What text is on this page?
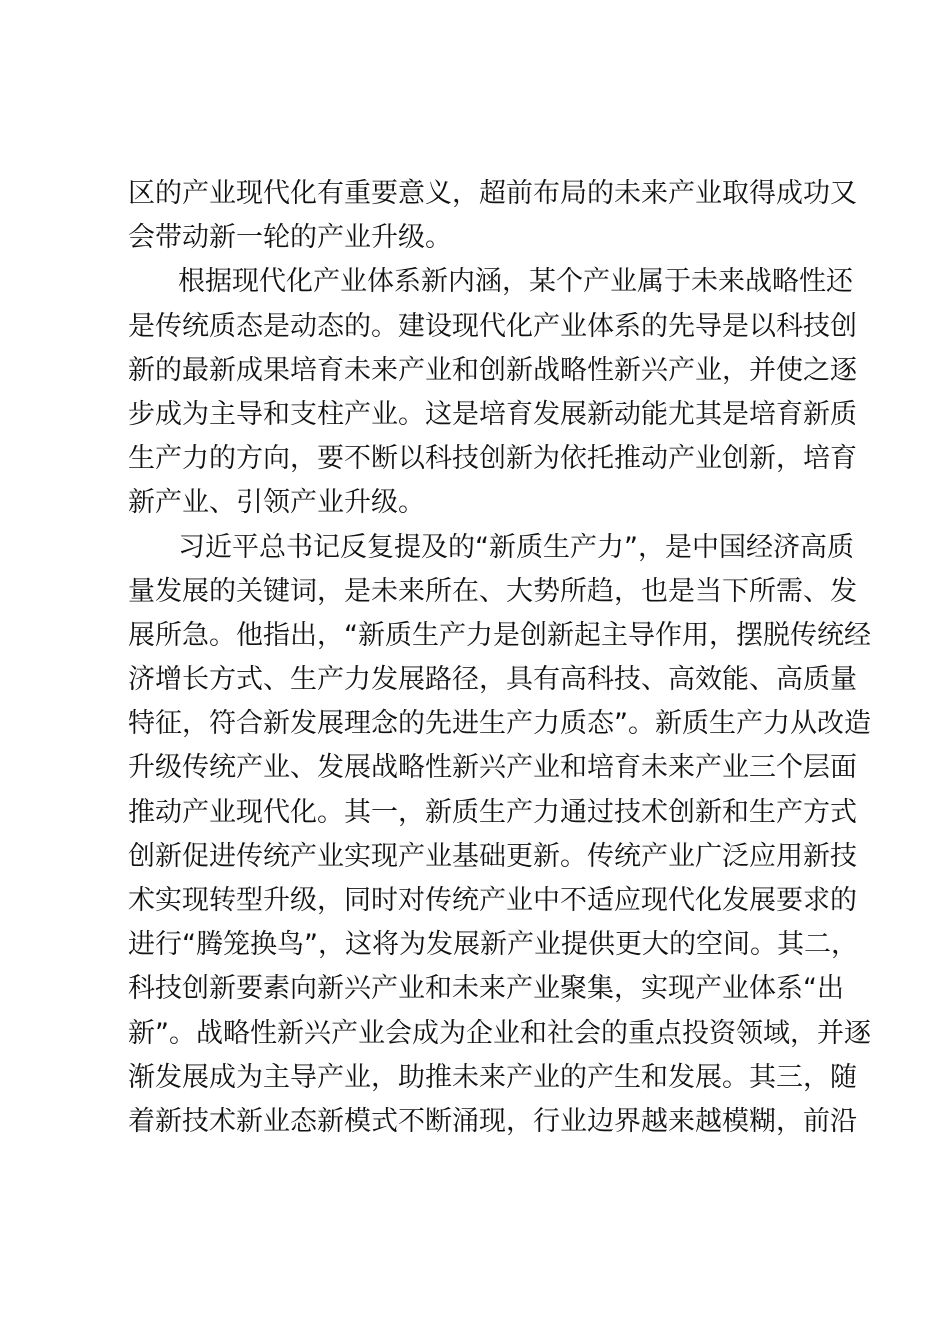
区的产业现代化有重要意义，超前布局的未来产业取得成功又
会带动新一轮的产业升级。
根据现代化产业体系新内涵，某个产业属于未来战略性还
是传统质态是动态的。建设现代化产业体系的先导是以科技创
新的最新成果培育未来产业和创新战略性新兴产业，并使之逐
步成为主导和支柱产业。这是培育发展新动能尤其是培育新质
生产力的方向，要不断以科技创新为依托推动产业创新，培育
新产业、引领产业升级。
习近平总书记反复提及的“新质生产力”，是中国经济高质
量发展的关键词，是未来所在、大势所趋，也是当下所需、发
展所急。他指出，“新质生产力是创新起主导作用，摆脱传统经
济增长方式、生产力发展路径，具有高科技、高效能、高质量
特征，符合新发展理念的先进生产力质态”。新质生产力从改造
升级传统产业、发展战略性新兴产业和培育未来产业三个层面
推动产业现代化。其一，新质生产力通过技术创新和生产方式
创新促进传统产业实现产业基础更新。传统产业广泛应用新技
术实现转型升级，同时对传统产业中不适应现代化发展要求的
进行“腾笼换鸟”，这将为发展新产业提供更大的空间。其二，
科技创新要素向新兴产业和未来产业聚集，实现产业体系“出
新”。战略性新兴产业会成为企业和社会的重点投资领域，并逐
渐发展成为主导产业，助推未来产业的产生和发展。其三，随
着新技术新业态新模式不断涌现，行业边界越来越模糊，前沿
